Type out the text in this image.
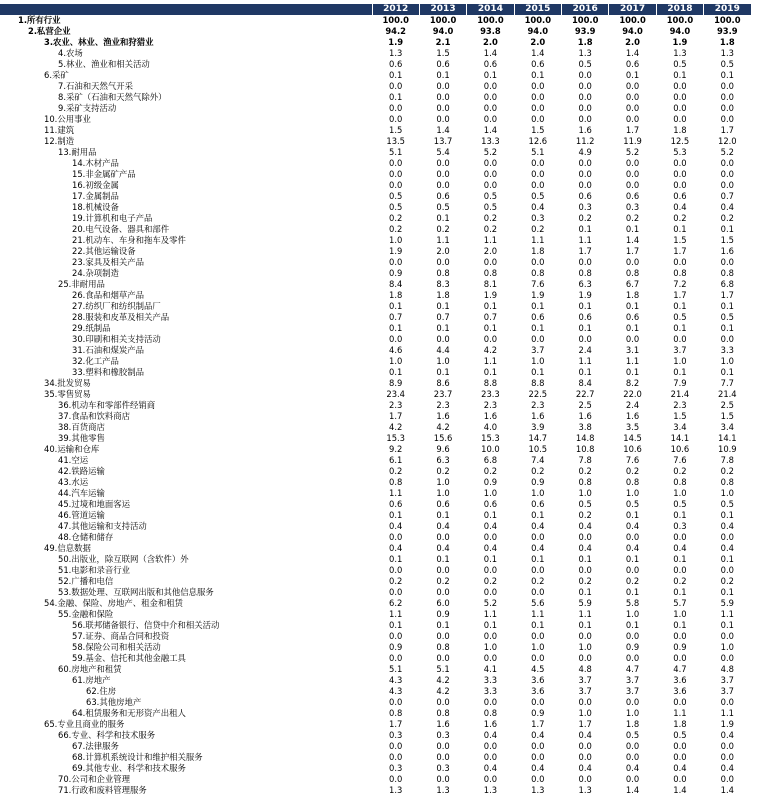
	2012	2013	2014	2015	2016	2017	2018	2019
1.所有行业	100.0	100.0	100.0	100.0	100.0	100.0	100.0	100.0
2.私营企业	94.2	94.0	93.8	94.0	93.9	94.0	94.0	93.9
3.农业、林业、渔业和狩猎业	1.9	2.1	2.0	2.0	1.8	2.0	1.9	1.8
4.农场	1.3	1.5	1.4	1.4	1.3	1.4	1.3	1.3
5.林业、渔业和相关活动	0.6	0.6	0.6	0.6	0.5	0.6	0.5	0.5
6.采矿	0.1	0.1	0.1	0.1	0.0	0.1	0.1	0.1
7.石油和天然气开采	0.0	0.0	0.0	0.0	0.0	0.0	0.0	0.0
8.采矿（石油和天然气除外）	0.1	0.0	0.0	0.0	0.0	0.0	0.0	0.0
9.采矿支持活动	0.0	0.0	0.0	0.0	0.0	0.0	0.0	0.0
10.公用事业	0.0	0.0	0.0	0.0	0.0	0.0	0.0	0.0
11.建筑	1.5	1.4	1.4	1.5	1.6	1.7	1.8	1.7
12.制造	13.5	13.7	13.3	12.6	11.2	11.9	12.5	12.0
13.耐用品	5.1	5.4	5.2	5.1	4.9	5.2	5.3	5.2
14.木材产品	0.0	0.0	0.0	0.0	0.0	0.0	0.0	0.0
15.非金属矿产品	0.0	0.0	0.0	0.0	0.0	0.0	0.0	0.0
16.初级金属	0.0	0.0	0.0	0.0	0.0	0.0	0.0	0.0
17.金属制品	0.5	0.6	0.5	0.5	0.6	0.6	0.6	0.7
18.机械设备	0.5	0.5	0.5	0.4	0.3	0.3	0.4	0.4
19.计算机和电子产品	0.2	0.1	0.2	0.3	0.2	0.2	0.2	0.2
20.电气设备、器具和部件	0.2	0.2	0.2	0.2	0.1	0.1	0.1	0.1
21.机动车、车身和拖车及零件	1.0	1.1	1.1	1.1	1.1	1.4	1.5	1.5
22.其他运输设备	1.9	2.0	2.0	1.8	1.7	1.7	1.7	1.6
23.家具及相关产品	0.0	0.0	0.0	0.0	0.0	0.0	0.0	0.0
24.杂项制造	0.9	0.8	0.8	0.8	0.8	0.8	0.8	0.8
25.非耐用品	8.4	8.3	8.1	7.6	6.3	6.7	7.2	6.8
26.食品和烟草产品	1.8	1.8	1.9	1.9	1.9	1.8	1.7	1.7
27.纺织厂和纺织制品厂	0.1	0.1	0.1	0.1	0.1	0.1	0.1	0.1
28.服装和皮革及相关产品	0.7	0.7	0.7	0.6	0.6	0.6	0.5	0.5
29.纸制品	0.1	0.1	0.1	0.1	0.1	0.1	0.1	0.1
30.印刷和相关支持活动	0.0	0.0	0.0	0.0	0.0	0.0	0.0	0.0
31.石油和煤炭产品	4.6	4.4	4.2	3.7	2.4	3.1	3.7	3.3
32.化工产品	1.0	1.0	1.1	1.0	1.1	1.1	1.0	1.0
33.塑料和橡胶制品	0.1	0.1	0.1	0.1	0.1	0.1	0.1	0.1
34.批发贸易	8.9	8.6	8.8	8.8	8.4	8.2	7.9	7.7
35.零售贸易	23.4	23.7	23.3	22.5	22.7	22.0	21.4	21.4
36.机动车和零部件经销商	2.3	2.3	2.3	2.3	2.5	2.4	2.3	2.5
37.食品和饮料商店	1.7	1.6	1.6	1.6	1.6	1.6	1.5	1.5
38.百货商店	4.2	4.2	4.0	3.9	3.8	3.5	3.4	3.4
39.其他零售	15.3	15.6	15.3	14.7	14.8	14.5	14.1	14.1
40.运输和仓库	9.2	9.6	10.0	10.5	10.8	10.6	10.6	10.9
41.空运	6.1	6.3	6.8	7.4	7.8	7.6	7.6	7.8
42.铁路运输	0.2	0.2	0.2	0.2	0.2	0.2	0.2	0.2
43.水运	0.8	1.0	0.9	0.9	0.8	0.8	0.8	0.8
44.汽车运输	1.1	1.0	1.0	1.0	1.0	1.0	1.0	1.0
45.过境和地面客运	0.6	0.6	0.6	0.6	0.5	0.5	0.5	0.5
46.管道运输	0.1	0.1	0.1	0.1	0.2	0.1	0.1	0.1
47.其他运输和支持活动	0.4	0.4	0.4	0.4	0.4	0.4	0.3	0.4
48.仓储和储存	0.0	0.0	0.0	0.0	0.0	0.0	0.0	0.0
49.信息数据	0.4	0.4	0.4	0.4	0.4	0.4	0.4	0.4
50.出版业，除互联网（含软件）外	0.1	0.1	0.1	0.1	0.1	0.1	0.1	0.1
51.电影和录音行业	0.0	0.0	0.0	0.0	0.0	0.0	0.0	0.0
52.广播和电信	0.2	0.2	0.2	0.2	0.2	0.2	0.2	0.2
53.数据处理、互联网出版和其他信息服务	0.0	0.0	0.0	0.0	0.1	0.1	0.1	0.1
54.金融、保险、房地产、租金和租赁	6.2	6.0	5.2	5.6	5.9	5.8	5.7	5.9
55.金融和保险	1.1	0.9	1.1	1.1	1.1	1.0	1.0	1.1
56.联邦储备银行、信贷中介和相关活动	0.1	0.1	0.1	0.1	0.1	0.1	0.1	0.1
57.证券、商品合同和投资	0.0	0.0	0.0	0.0	0.0	0.0	0.0	0.0
58.保险公司和相关活动	0.9	0.8	1.0	1.0	1.0	0.9	0.9	1.0
59.基金、信托和其他金融工具	0.0	0.0	0.0	0.0	0.0	0.0	0.0	0.0
60.房地产和租赁	5.1	5.1	4.1	4.5	4.8	4.7	4.7	4.8
61.房地产	4.3	4.2	3.3	3.6	3.7	3.7	3.6	3.7
62.住房	4.3	4.2	3.3	3.6	3.7	3.7	3.6	3.7
63.其他房地产	0.0	0.0	0.0	0.0	0.0	0.0	0.0	0.0
64.租赁服务和无形资产出租人	0.8	0.8	0.8	0.9	1.0	1.0	1.1	1.1
65.专业且商业的服务	1.7	1.6	1.6	1.7	1.7	1.8	1.8	1.9
66.专业、科学和技术服务	0.3	0.3	0.4	0.4	0.4	0.5	0.5	0.4
67.法律服务	0.0	0.0	0.0	0.0	0.0	0.0	0.0	0.0
68.计算机系统设计和维护相关服务	0.0	0.0	0.0	0.0	0.0	0.0	0.0	0.0
69.其他专业、科学和技术服务	0.3	0.3	0.4	0.4	0.4	0.4	0.4	0.4
70.公司和企业管理	0.0	0.0	0.0	0.0	0.0	0.0	0.0	0.0
71.行政和废料管理服务	1.3	1.3	1.3	1.3	1.3	1.4	1.4	1.4
